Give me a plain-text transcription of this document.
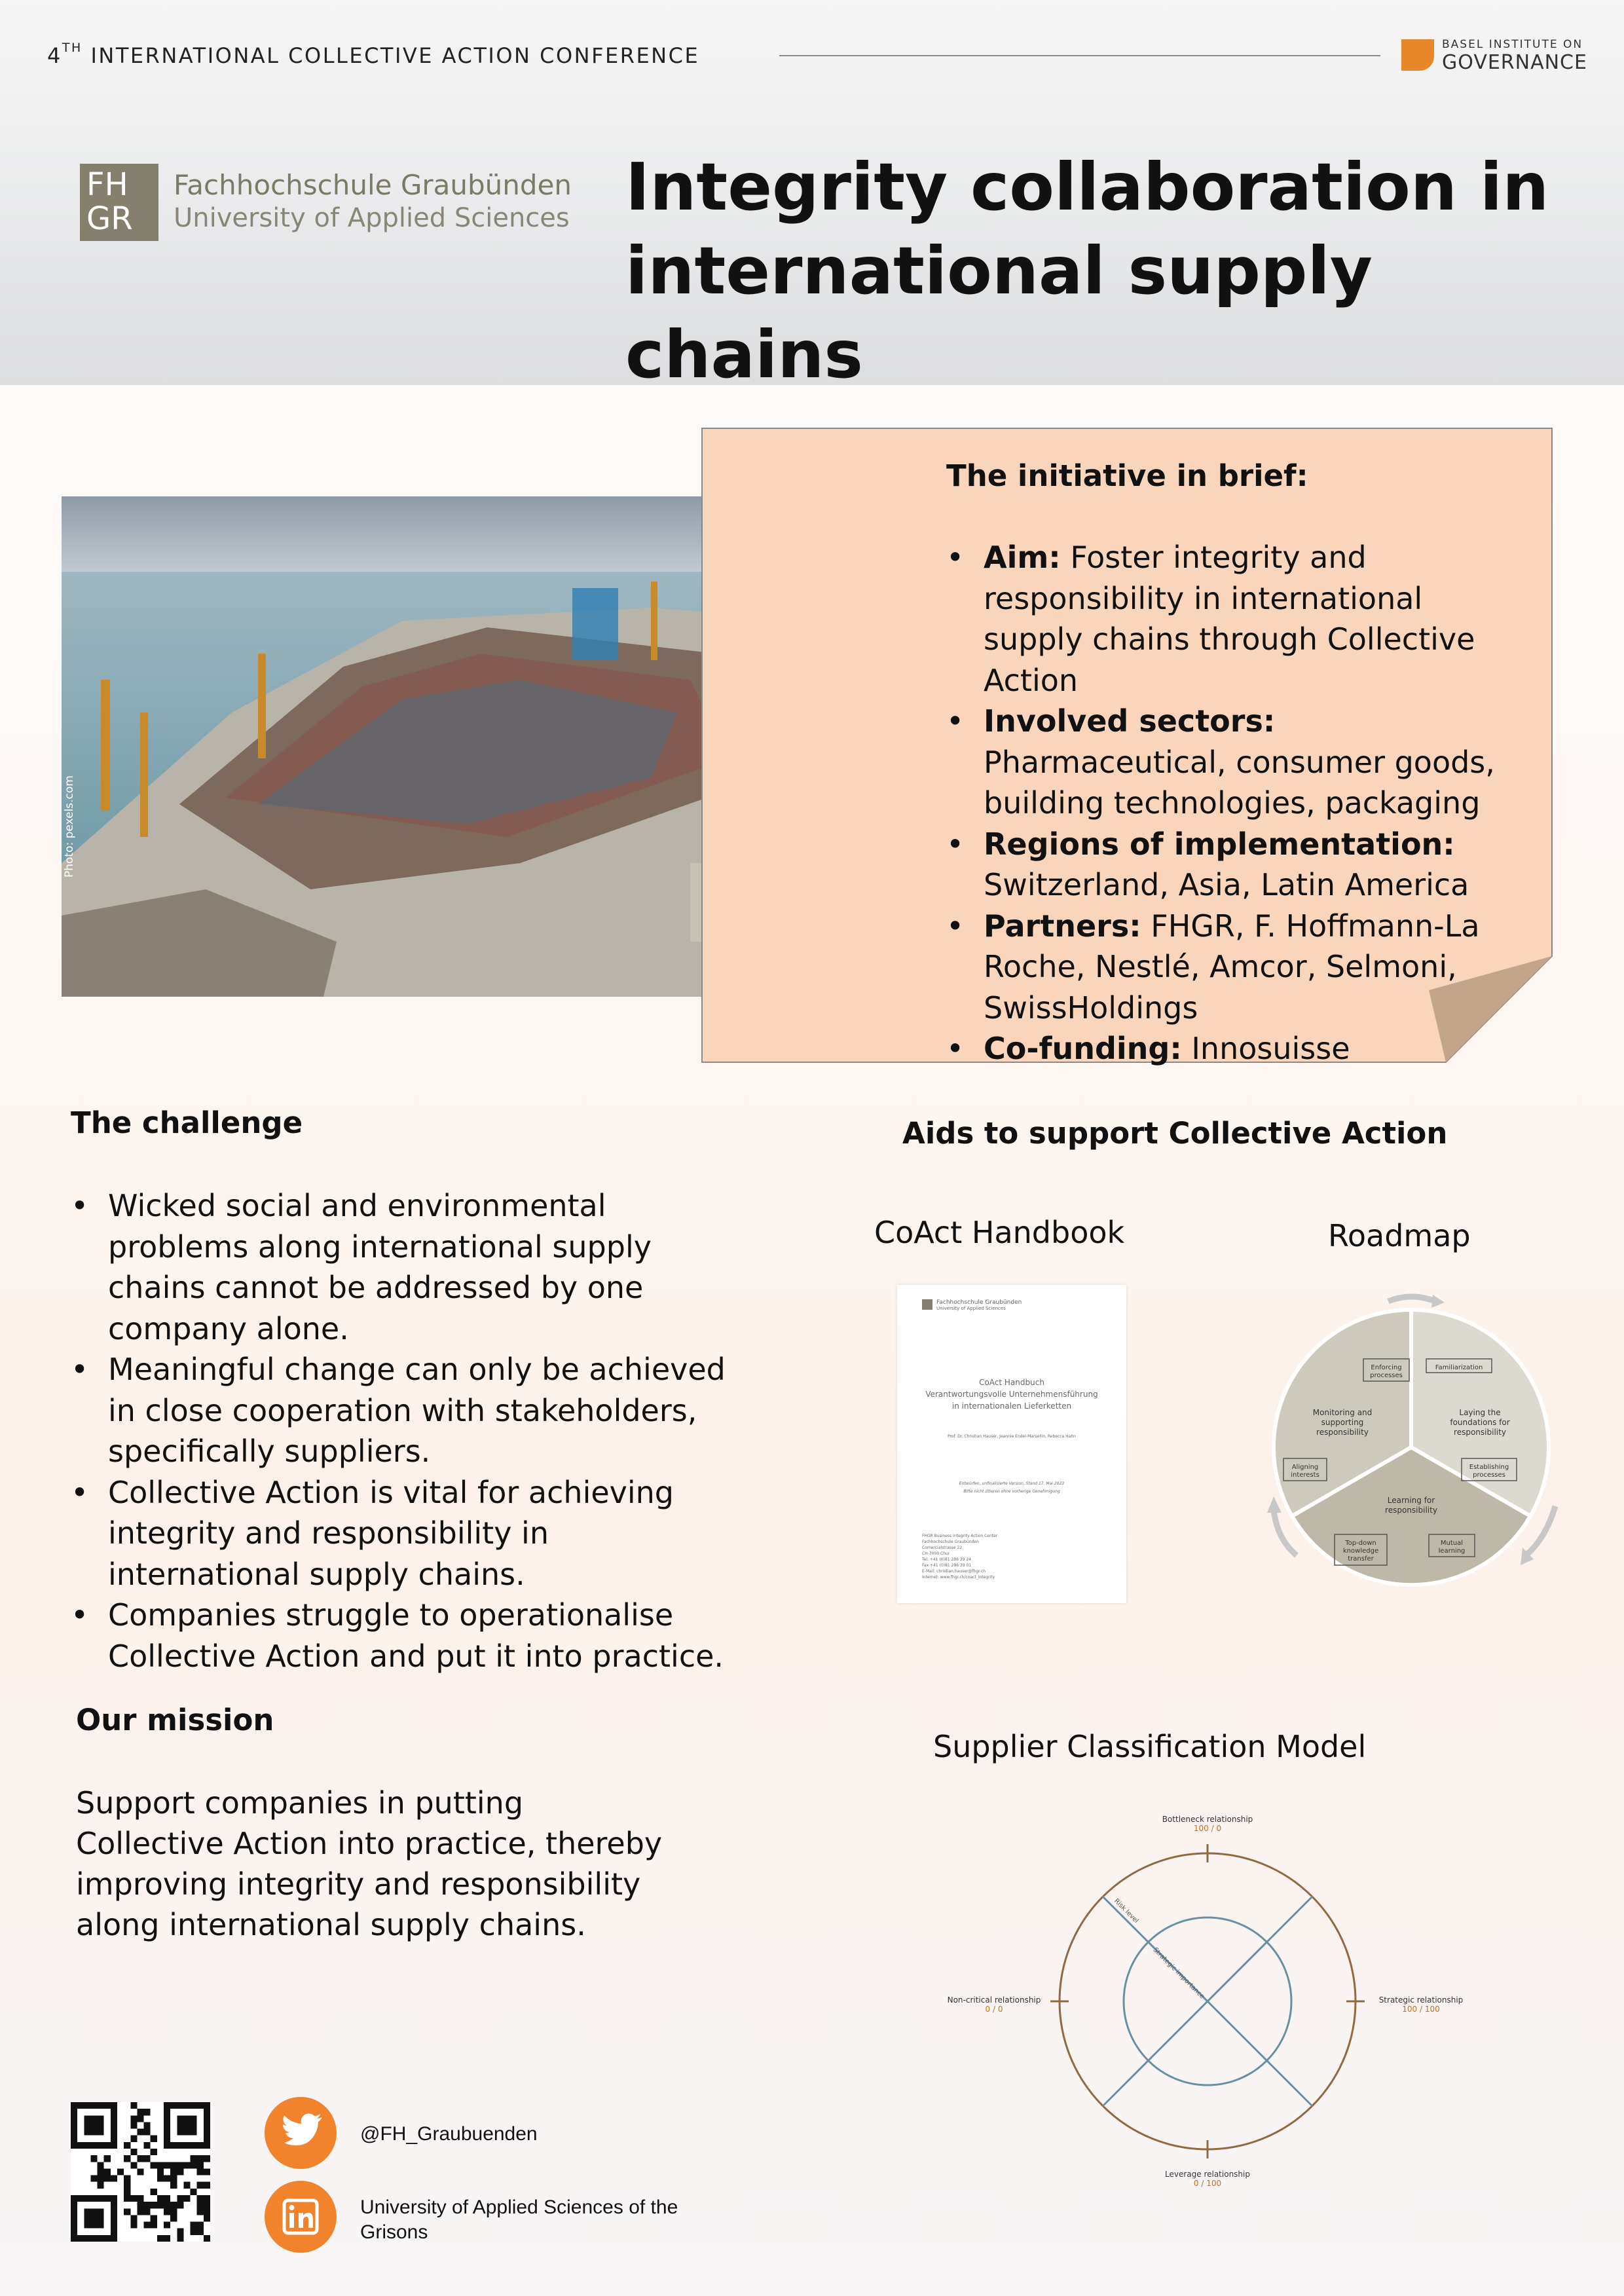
4TH INTERNATIONAL COLLECTIVE ACTION CONFERENCE	BASEL INSTITUTE ON
GOVERNANCE
FH
GR
Fachhochschule Graubünden
University of Applied Sciences Integrity collaboration in international supply chains
Photo: pexels.com
The initiative in brief:
• Aim: Foster integrity and responsibility in international supply chains through Collective Action
• Involved sectors: Pharmaceutical, consumer goods, building technologies, packaging
• Regions of implementation: Switzerland, Asia, Latin America
• Partners: FHGR, F. Hoffmann-La Roche, Nestlé, Amcor, Selmoni, SwissHoldings
• Co-funding: Innosuisse
The challenge
• Wicked social and environmental problems along international supply chains cannot be addressed by one company alone.
• Meaningful change can only be achieved in close cooperation with stakeholders, specifically suppliers.
• Collective Action is vital for achieving integrity and responsibility in international supply chains.
• Companies struggle to operationalise Collective Action and put it into practice.
Our mission
Support companies in putting Collective Action into practice, thereby improving integrity and responsibility along international supply chains.
Aids to support Collective Action
CoAct Handbook	Roadmap
Fachhochschule Graubünden
University of Applied Sciences
CoAct Handbuch
Verantwortungsvolle Unternehmensführung
in internationalen Lieferketten
Prof. Dr. Christian Hauser, Jeannie Endel-Marsellin, Rebecca Hahn
Entwürfen, unfinalisierte Version, Stand 17. Mai 2023
Bitte nicht zitieren ohne vorherige Genehmigung
FHGR Business Integrity Action Center
Fachhochschule Graubünden
Comercialstrasse 22
CH-7000 Chur
Tel. +41 (0)81 286 39 24
Fax +41 (0)81 286 39 01
E-Mail: christian.hauser@fhgr.ch
Internet: www.fhgr.ch/coact_integrity
Monitoring and supporting responsibility
Laying the foundations for responsibility
Learning for responsibility
Enforcing processes
Familiarization
Aligning interests
Establishing processes
Top-down knowledge transfer
Mutual learning
Supplier Classification Model
Bottleneck relationship
100 / 0
Strategic relationship
100 / 100
Leverage relationship
0 / 100
Non-critical relationship
0 / 0
Risk level
Strategic importance
@FH_Graubuenden
University of Applied Sciences of the Grisons
